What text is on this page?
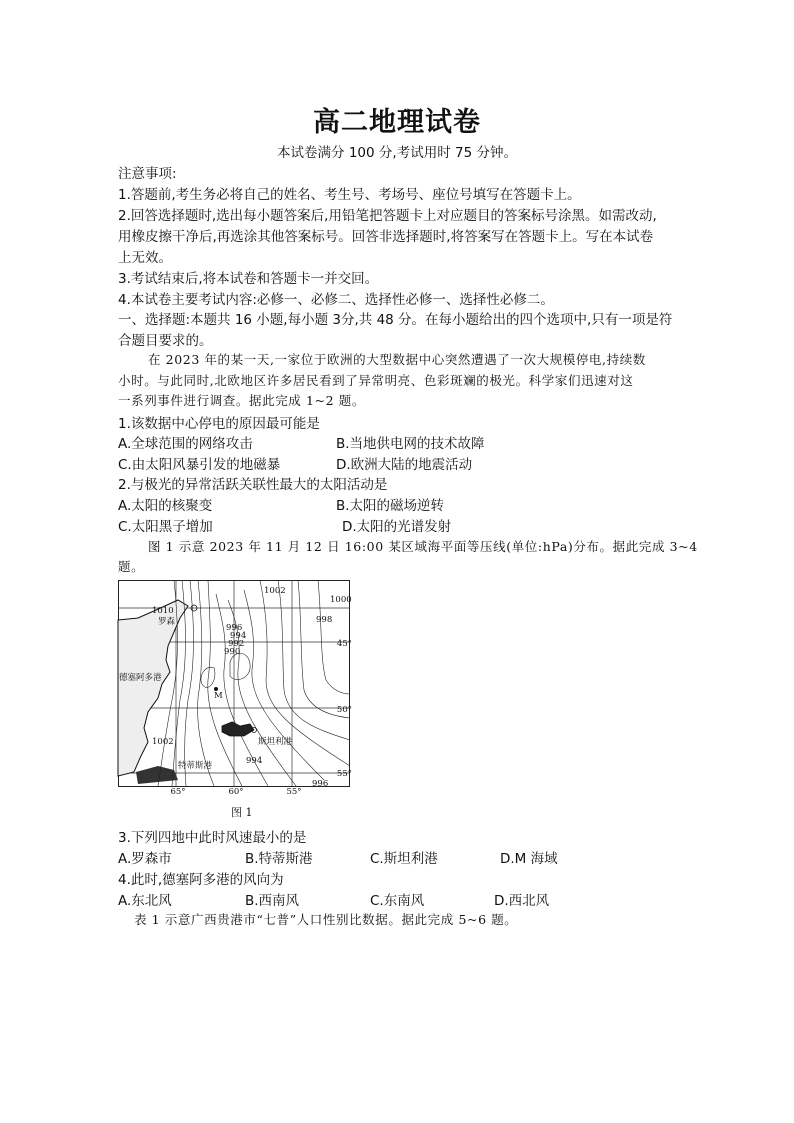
高二地理试卷
本试卷满分 100 分,考试用时 75 分钟。
注意事项:
1.答题前,考生务必将自己的姓名、考生号、考场号、座位号填写在答题卡上。
2.回答选择题时,选出每小题答案后,用铅笔把答题卡上对应题目的答案标号涂黑。如需改动,
用橡皮擦干净后,再选涂其他答案标号。回答非选择题时,将答案写在答题卡上。写在本试卷
上无效。
3.考试结束后,将本试卷和答题卡一并交回。
4.本试卷主要考试内容:必修一、必修二、选择性必修一、选择性必修二。
一、选择题:本题共 16 小题,每小题 3分,共 48 分。在每小题给出的四个选项中,只有一项是符
合题目要求的。
在 2023 年的某一天,一家位于欧洲的大型数据中心突然遭遇了一次大规模停电,持续数
小时。与此同时,北欧地区许多居民看到了异常明亮、色彩斑斓的极光。科学家们迅速对这
一系列事件进行调查。据此完成 1~2 题。
1.该数据中心停电的原因最可能是
A.全球范围的网络攻击	B.当地供电网的技术故障
C.由太阳风暴引发的地磁暴	D.欧洲大陆的地震活动
2.与极光的异常活跃关联性最大的太阳活动是
A.太阳的核聚变	B.太阳的磁场逆转
C.太阳黑子增加	D.太阳的光谱发射
图 1 示意 2023 年 11 月 12 日 16:00 某区域海平面等压线(单位:hPa)分布。据此完成 3~4
题。
1010
1002
1000
998
996
994
992
990
1002
994
996
罗森
德塞阿多港
M
斯坦利港
特蒂斯港
45°
50°
55°
65°	60°	55°
图 1
3.下列四地中此时风速最小的是
A.罗森市	B.特蒂斯港	C.斯坦利港	D.M 海域
4.此时,德塞阿多港的风向为
A.东北风	B.西南风	C.东南风	D.西北风
表 1 示意广西贵港市“七普”人口性别比数据。据此完成 5~6 题。
